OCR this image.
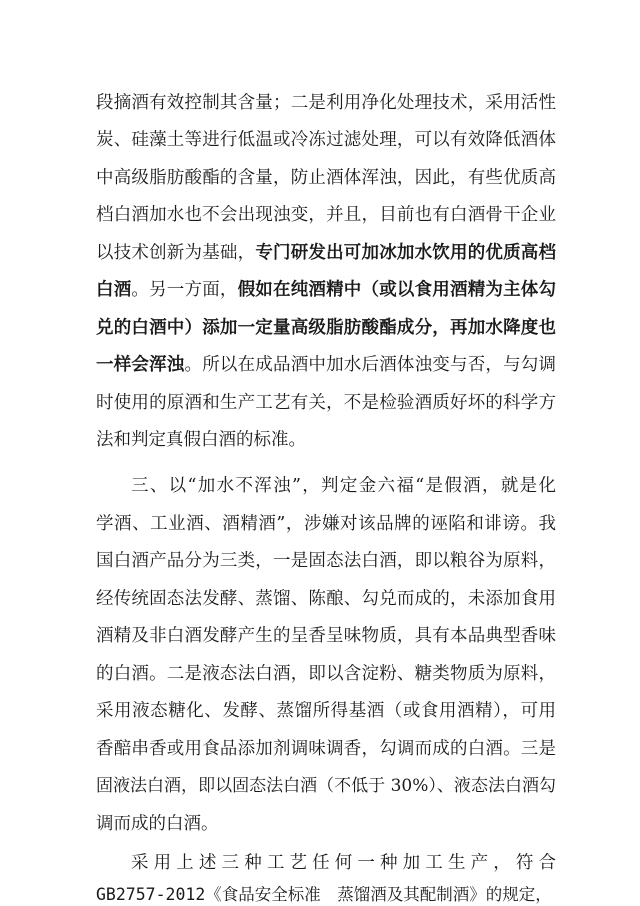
段摘酒有效控制其含量；二是利用净化处理技术，采用活性
炭、硅藻土等进行低温或冷冻过滤处理，可以有效降低酒体
中高级脂肪酸酯的含量，防止酒体浑浊，因此，有些优质高
档白酒加水也不会出现浊变，并且，目前也有白酒骨干企业
以技术创新为基础，专门研发出可加冰加水饮用的优质高档
白酒。另一方面，假如在纯酒精中（或以食用酒精为主体勾
兑的白酒中）添加一定量高级脂肪酸酯成分，再加水降度也
一样会浑浊。所以在成品酒中加水后酒体浊变与否，与勾调
时使用的原酒和生产工艺有关，不是检验酒质好坏的科学方
法和判定真假白酒的标准。
三、以“加水不浑浊”，判定金六福“是假酒，就是化
学酒、工业酒、酒精酒”，涉嫌对该品牌的诬陷和诽谤。我
国白酒产品分为三类，一是固态法白酒，即以粮谷为原料，
经传统固态法发酵、蒸馏、陈酿、勾兑而成的，未添加食用
酒精及非白酒发酵产生的呈香呈味物质，具有本品典型香味
的白酒。二是液态法白酒，即以含淀粉、糖类物质为原料，
采用液态糖化、发酵、蒸馏所得基酒（或食用酒精），可用
香醅串香或用食品添加剂调味调香，勾调而成的白酒。三是
固液法白酒，即以固态法白酒（不低于 30%）、液态法白酒勾
调而成的白酒。
采用上述三种工艺任何一种加工生产，符合
GB2757-2012《食品安全标准　蒸馏酒及其配制酒》的规定，
